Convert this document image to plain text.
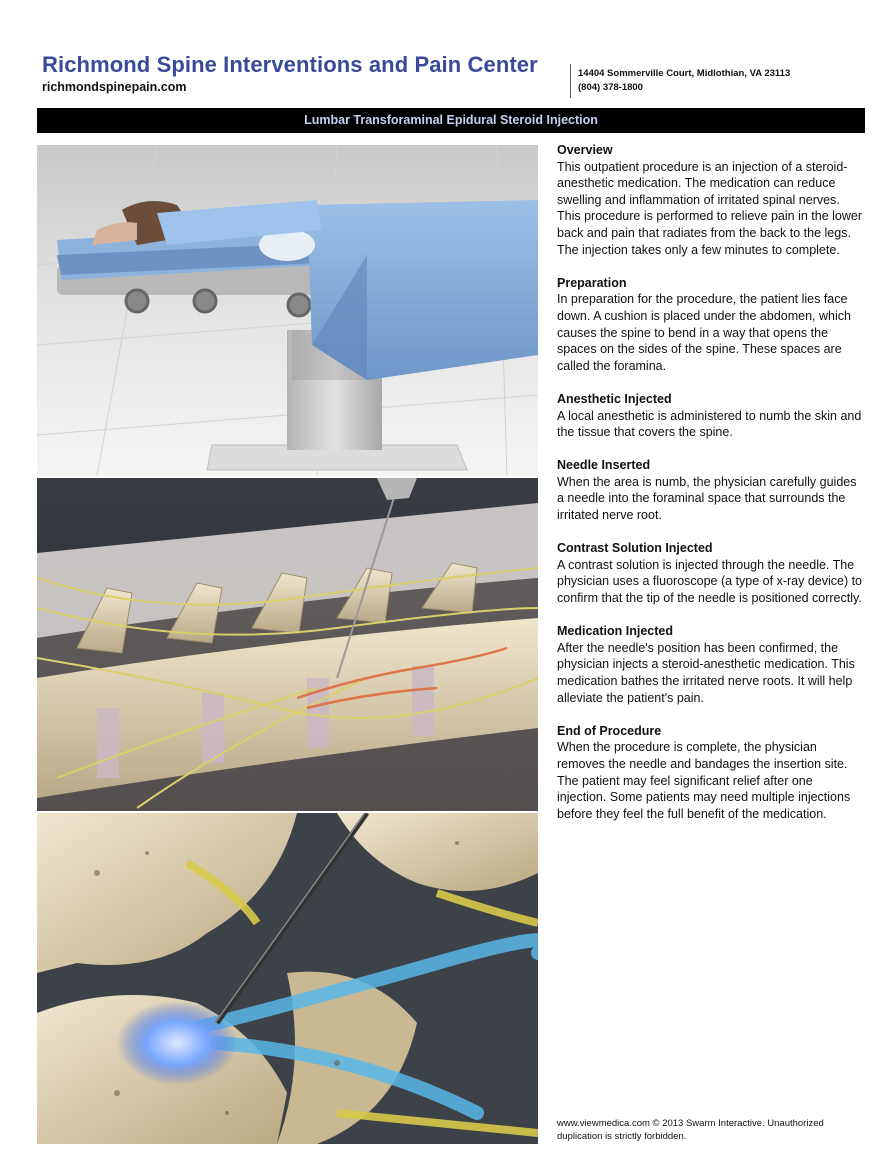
Richmond Spine Interventions and Pain Center
richmondspinepain.com
14404 Sommerville Court, Midlothian, VA 23113
(804) 378-1800
Lumbar Transforaminal Epidural Steroid Injection
Overview

This outpatient procedure is an injection of a steroid-anesthetic medication. The medication can reduce swelling and inflammation of irritated spinal nerves. This procedure is performed to relieve pain in the lower back and pain that radiates from the back to the legs. The injection takes only a few minutes to complete.

Preparation

In preparation for the procedure, the patient lies face down. A cushion is placed under the abdomen, which causes the spine to bend in a way that opens the spaces on the sides of the spine. These spaces are called the foramina.

Anesthetic Injected

A local anesthetic is administered to numb the skin and the tissue that covers the spine.

Needle Inserted

When the area is numb, the physician carefully guides a needle into the foraminal space that surrounds the irritated nerve root.

Contrast Solution Injected

A contrast solution is injected through the needle. The physician uses a fluoroscope (a type of x-ray device) to confirm that the tip of the needle is positioned correctly.

Medication Injected

After the needle's position has been confirmed, the physician injects a steroid-anesthetic medication. This medication bathes the irritated nerve roots. It will help alleviate the patient's pain.

End of Procedure

When the procedure is complete, the physician removes the needle and bandages the insertion site. The patient may feel significant relief after one injection. Some patients may need multiple injections before they feel the full benefit of the medication.

www.viewmedica.com © 2013 Swarm Interactive. Unauthorized duplication is strictly forbidden.
